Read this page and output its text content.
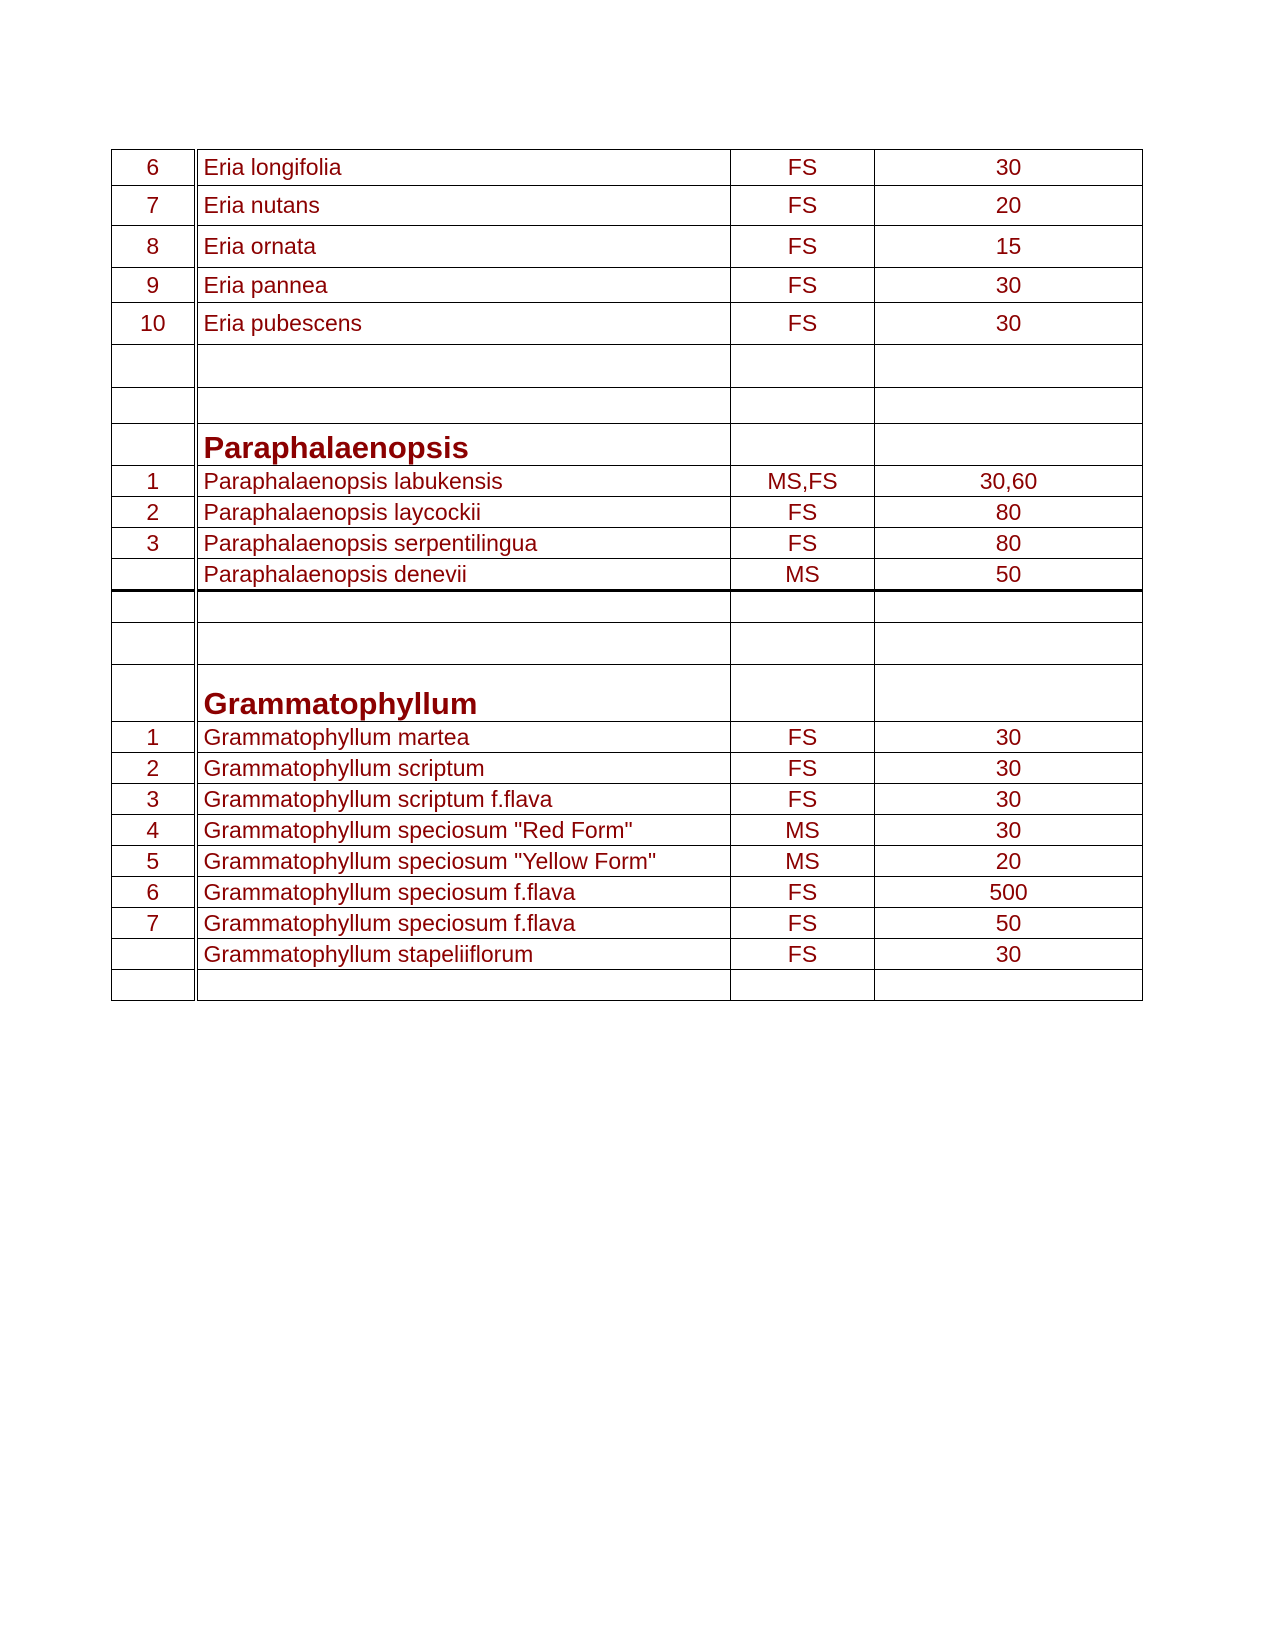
6	Eria longifolia	FS	30
7	Eria nutans	FS	20
8	Eria ornata	FS	15
9	Eria pannea	FS	30
10	Eria pubescens	FS	30

	Paraphalaenopsis		
1	Paraphalaenopsis labukensis	MS,FS	30,60
2	Paraphalaenopsis laycockii	FS	80
3	Paraphalaenopsis serpentilingua	FS	80
	Paraphalaenopsis denevii	MS	50

	Grammatophyllum		
1	Grammatophyllum martea	FS	30
2	Grammatophyllum scriptum	FS	30
3	Grammatophyllum scriptum f.flava	FS	30
4	Grammatophyllum speciosum "Red Form"	MS	30
5	Grammatophyllum speciosum "Yellow Form"	MS	20
6	Grammatophyllum speciosum f.flava	FS	500
7	Grammatophyllum speciosum f.flava	FS	50
	Grammatophyllum stapeliiflorum	FS	30
